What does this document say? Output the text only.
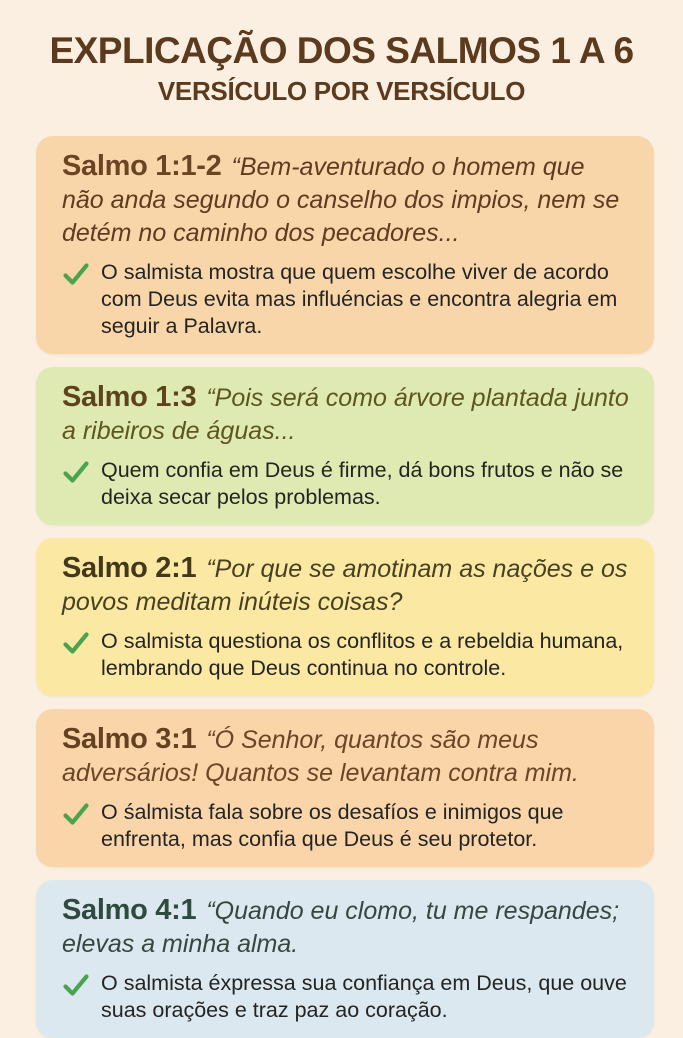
EXPLICAÇÃO DOS SALMOS 1 A 6
VERSÍCULO POR VERSÍCULO

Salmo 1:1-2 “Bem-aventurado o homem que não anda segundo o canselho dos impios, nem se detém no caminho dos pecadores...

O salmista mostra que quem escolhe viver de acordo com Deus evita mas influéncias e encontra alegria em seguir a Palavra.

Salmo 1:3 “Pois será como árvore plantada junto a ribeiros de águas...

Quem confia em Deus é firme, dá bons frutos e não se deixa secar pelos problemas.

Salmo 2:1 “Por que se amotinam as nações e os povos meditam inúteis coisas?

O salmista questiona os conflitos e a rebeldia humana, lembrando que Deus continua no controle.

Salmo 3:1 “Ó Senhor, quantos são meus adversários! Quantos se levantam contra mim.

O śalmista fala sobre os desafíos e inimigos que enfrenta, mas confia que Deus é seu protetor.

Salmo 4:1 “Quando eu clomo, tu me respandes; elevas a minha alma.

O salmista éxpressa sua confiança em Deus, que ouve suas orações e traz paz ao coração.
